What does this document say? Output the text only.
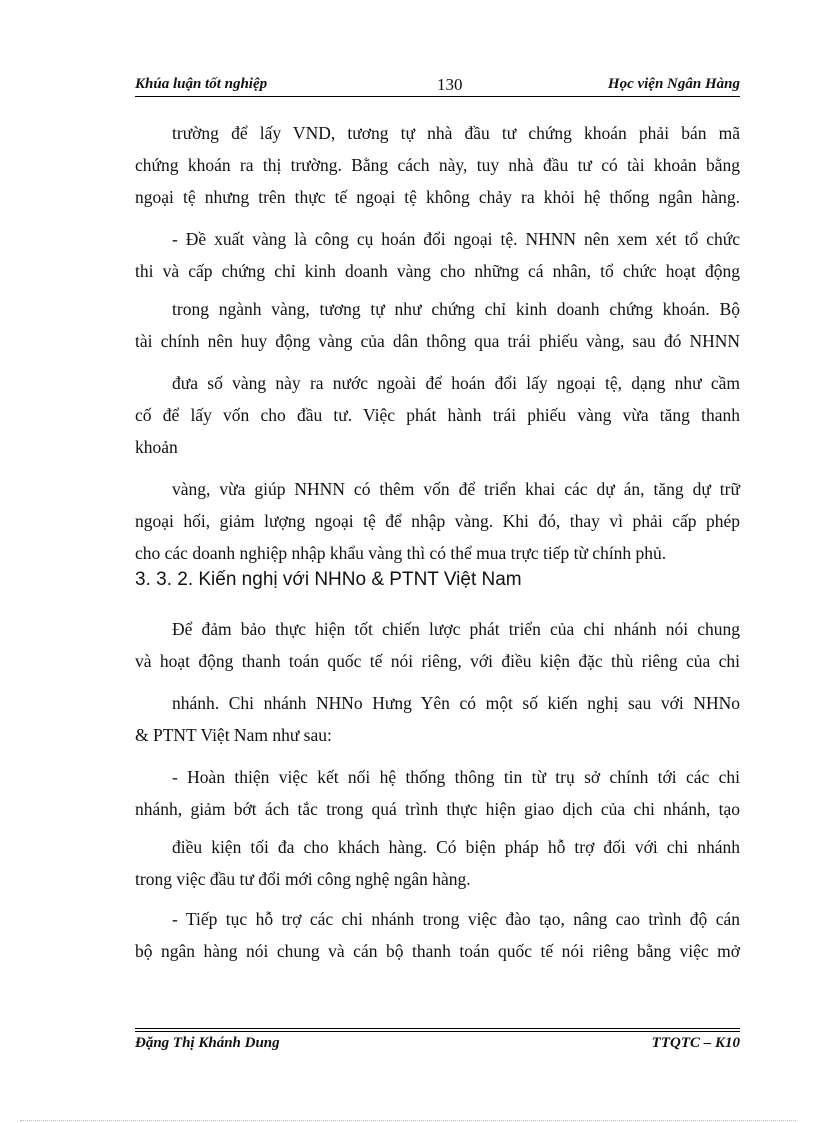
Khúa luận tốt nghiệp	130	Học viện Ngân Hàng
trường để lấy VND, tương tự nhà đầu tư chứng khoán phải bán mã
chứng khoán ra thị trường. Bằng cách này, tuy nhà đầu tư có tài khoản bằng
ngoại tệ nhưng trên thực tế ngoại tệ không chảy ra khỏi hệ thống ngân hàng.
- Đề xuất vàng là công cụ hoán đổi ngoại tệ. NHNN nên xem xét tổ chức
thi và cấp chứng chỉ kinh doanh vàng cho những cá nhân, tổ chức hoạt động
trong ngành vàng, tương tự như chứng chỉ kinh doanh chứng khoán. Bộ
tài chính nên huy động vàng của dân thông qua trái phiếu vàng, sau đó NHNN
đưa số vàng này ra nước ngoài để hoán đổi lấy ngoại tệ, dạng như cầm
cố để lấy vốn cho đầu tư. Việc phát hành trái phiếu vàng vừa tăng thanh
khoản
vàng, vừa giúp NHNN có thêm vốn để triển khai các dự án, tăng dự trữ
ngoại hối, giảm lượng ngoại tệ để nhập vàng. Khi đó, thay vì phải cấp phép
cho các doanh nghiệp nhập khẩu vàng thì có thể mua trực tiếp từ chính phủ.
3. 3. 2. Kiến nghị với NHNo & PTNT Việt Nam
Để đảm bảo thực hiện tốt chiến lược phát triển của chi nhánh nói chung
và hoạt động thanh toán quốc tế nói riêng, với điều kiện đặc thù riêng của chi
nhánh. Chi nhánh NHNo Hưng Yên có một số kiến nghị sau với NHNo
& PTNT Việt Nam như sau:
- Hoàn thiện việc kết nối hệ thống thông tin từ trụ sở chính tới các chi
nhánh, giảm bớt ách tắc trong quá trình thực hiện giao dịch của chi nhánh, tạo
điều kiện tối đa cho khách hàng. Có biện pháp hỗ trợ đối với chi nhánh
trong việc đầu tư đổi mới công nghệ ngân hàng.
- Tiếp tục hỗ trợ các chi nhánh trong việc đào tạo, nâng cao trình độ cán
bộ ngân hàng nói chung và cán bộ thanh toán quốc tế nói riêng bằng việc mở
Đặng Thị Khánh Dung	TTQTC – K10
